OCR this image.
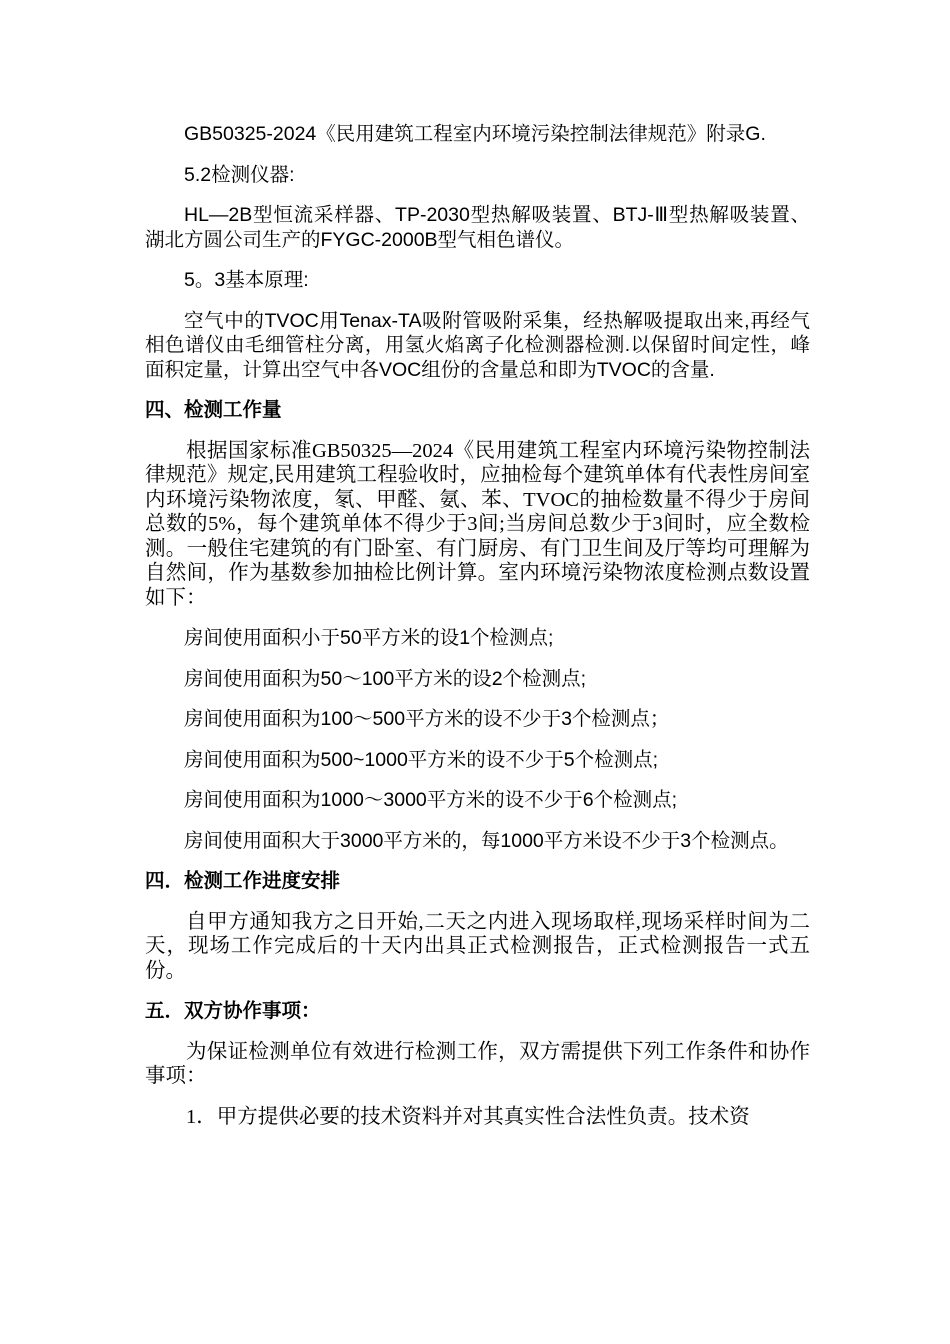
GB50325-2024《民用建筑工程室内环境污染控制法律规范》附录G.

5.2检测仪器:

HL—2B型恒流采样器、TP-2030型热解吸装置、BTJ-Ⅲ型热解吸装置、湖北方圆公司生产的FYGC-2000B型气相色谱仪。

5。3基本原理:

空气中的TVOC用Tenax-TA吸附管吸附采集，经热解吸提取出来,再经气相色谱仪由毛细管柱分离，用氢火焰离子化检测器检测.以保留时间定性，峰面积定量，计算出空气中各VOC组份的含量总和即为TVOC的含量.

四、检测工作量

根据国家标准GB50325—2024《民用建筑工程室内环境污染物控制法律规范》规定,民用建筑工程验收时，应抽检每个建筑单体有代表性房间室内环境污染物浓度，氡、甲醛、氨、苯、TVOC的抽检数量不得少于房间总数的5%，每个建筑单体不得少于3间;当房间总数少于3间时，应全数检测。一般住宅建筑的有门卧室、有门厨房、有门卫生间及厅等均可理解为自然间，作为基数参加抽检比例计算。室内环境污染物浓度检测点数设置如下：

房间使用面积小于50平方米的设1个检测点;

房间使用面积为50～100平方米的设2个检测点;

房间使用面积为100～500平方米的设不少于3个检测点；

房间使用面积为500~1000平方米的设不少于5个检测点;

房间使用面积为1000～3000平方米的设不少于6个检测点;

房间使用面积大于3000平方米的，每1000平方米设不少于3个检测点。

四．检测工作进度安排

自甲方通知我方之日开始,二天之内进入现场取样,现场采样时间为二天，现场工作完成后的十天内出具正式检测报告，正式检测报告一式五份。

五．双方协作事项：

为保证检测单位有效进行检测工作，双方需提供下列工作条件和协作事项：

1．甲方提供必要的技术资料并对其真实性合法性负责。技术资
